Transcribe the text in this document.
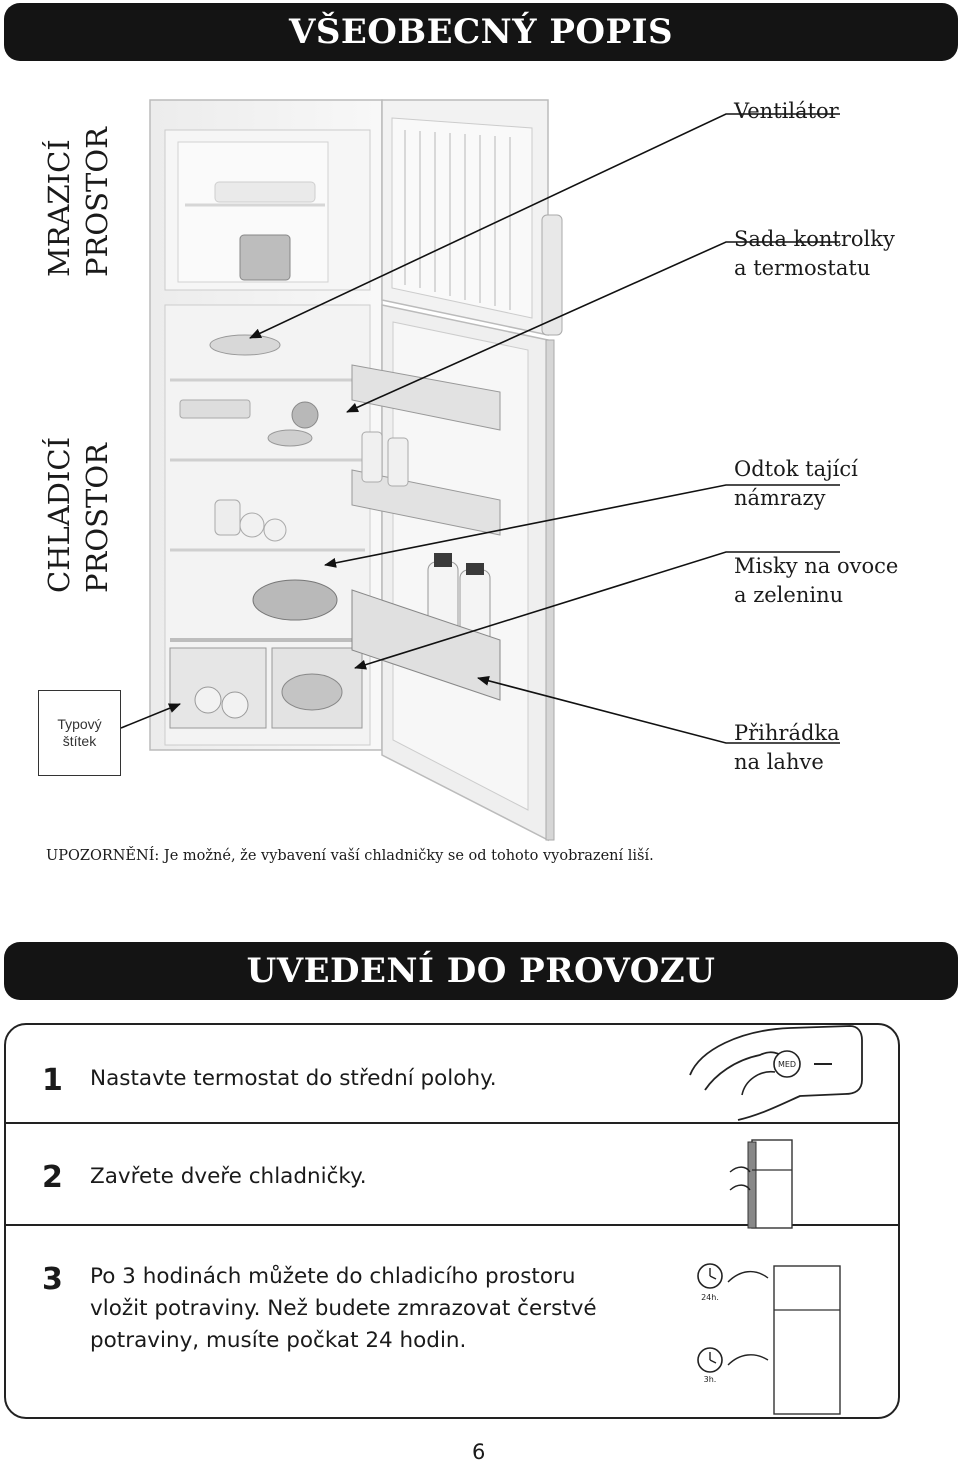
VŠEOBECNÝ POPIS
MRAZICÍ PROSTOR
CHLADICÍ PROSTOR
Ventilátor
Sada kontrolky
a termostatu
Odtok tající
námrazy
Misky na ovoce
a zeleninu
Přihrádka
na lahve
Typový
štítek
UPOZORNĚNÍ: Je možné, že vybavení vaší chladničky se od tohoto vyobrazení liší.
UVEDENÍ DO PROVOZU
1 Nastavte termostat do střední polohy.
2 Zavřete dveře chladničky.
3 Po 3 hodinách můžete do chladicího prostoru
vložit potraviny. Než budete zmrazovat čerstvé
potraviny, musíte počkat 24 hodin.
MED
24h.
3h.
6
